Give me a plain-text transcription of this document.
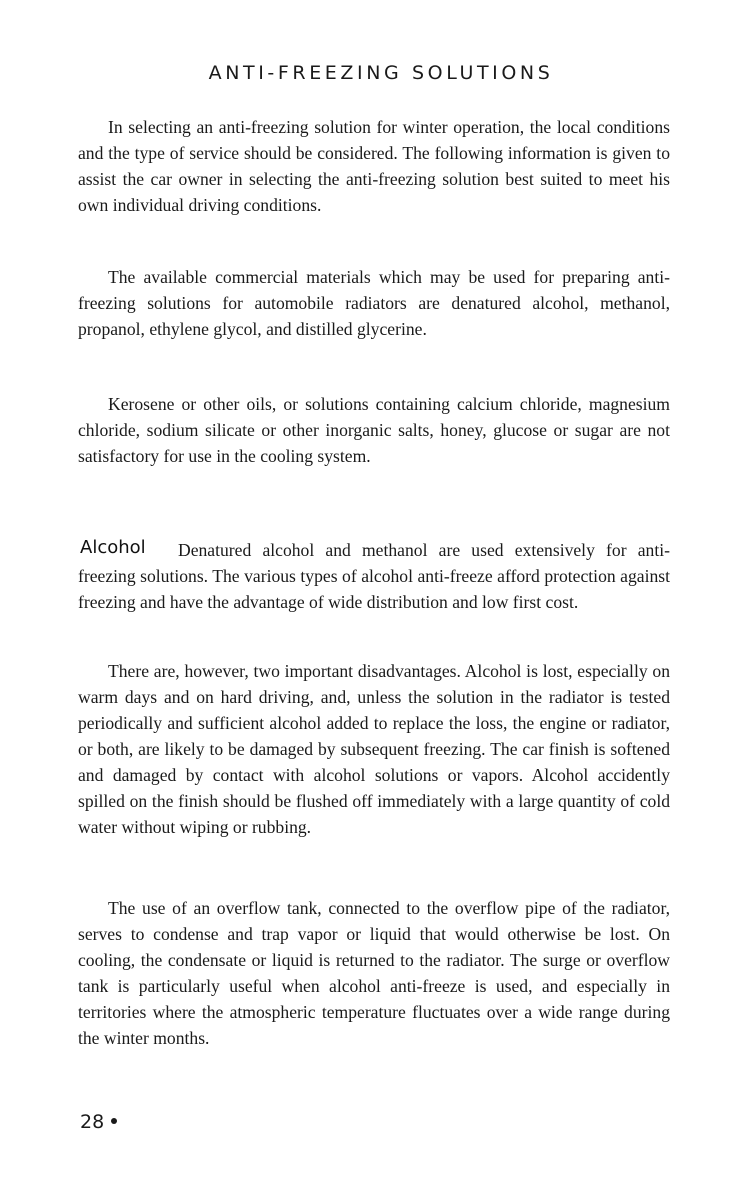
ANTI-FREEZING SOLUTIONS

In selecting an anti-freezing solution for winter operation, the local conditions and the type of service should be considered. The following information is given to assist the car owner in selecting the anti-freezing solution best suited to meet his own individual driving conditions.

The available commercial materials which may be used for preparing anti-freezing solutions for automobile radiators are denatured alcohol, methanol, propanol, ethylene glycol, and distilled glycerine.

Kerosene or other oils, or solutions containing calcium chloride, magnesium chloride, sodium silicate or other inorganic salts, honey, glucose or sugar are not satisfactory for use in the cooling system.

Alcohol	Denatured alcohol and methanol are used extensively for anti-freezing solutions. The various types of alcohol anti-freeze afford protection against freezing and have the advantage of wide distribution and low first cost.

There are, however, two important disadvantages. Alcohol is lost, especially on warm days and on hard driving, and, unless the solution in the radiator is tested periodically and sufficient alcohol added to replace the loss, the engine or radiator, or both, are likely to be damaged by subsequent freezing. The car finish is softened and damaged by contact with alcohol solutions or vapors. Alcohol accidently spilled on the finish should be flushed off immediately with a large quantity of cold water without wiping or rubbing.

The use of an overflow tank, connected to the overflow pipe of the radiator, serves to condense and trap vapor or liquid that would otherwise be lost. On cooling, the condensate or liquid is returned to the radiator. The surge or overflow tank is particularly useful when alcohol anti-freeze is used, and especially in territories where the atmospheric temperature fluctuates over a wide range during the winter months.

28
